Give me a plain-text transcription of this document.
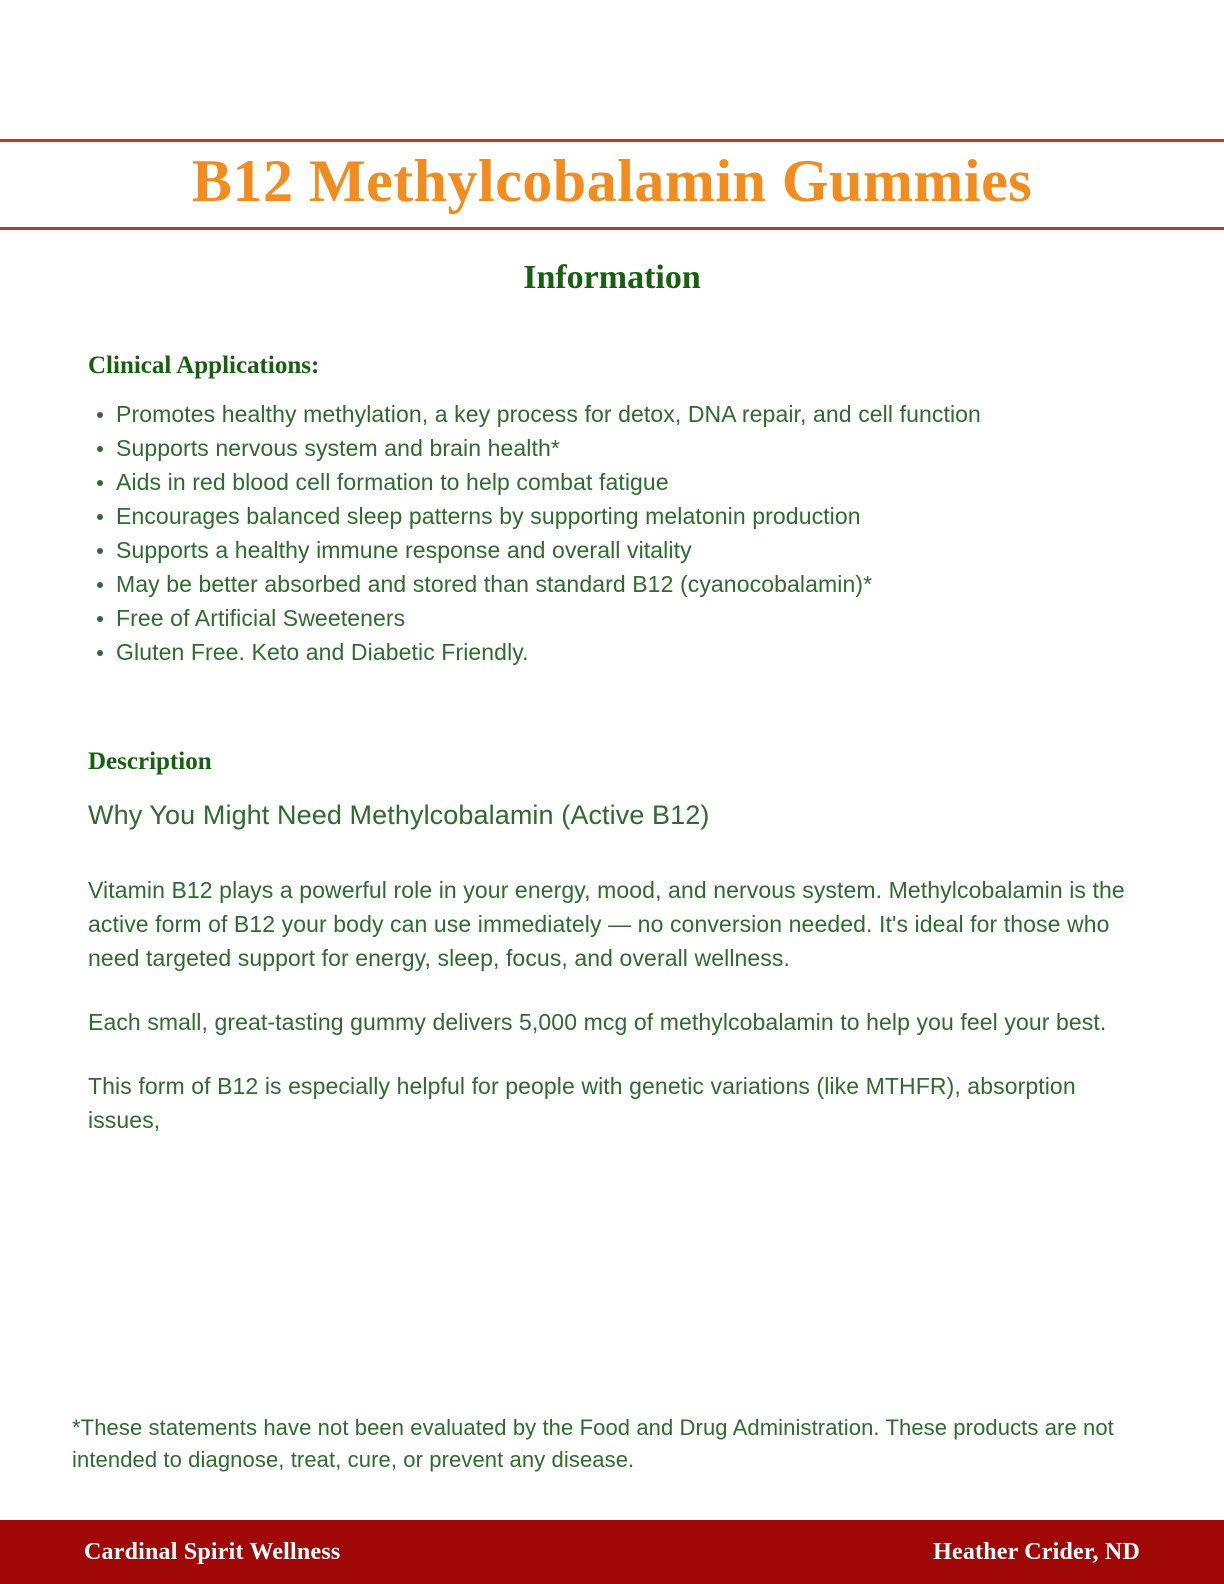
B12 Methylcobalamin Gummies
Information
Clinical Applications:
Promotes healthy methylation, a key process for detox, DNA repair, and cell function
Supports nervous system and brain health*
Aids in red blood cell formation to help combat fatigue
Encourages balanced sleep patterns by supporting melatonin production
Supports a healthy immune response and overall vitality
May be better absorbed and stored than standard B12 (cyanocobalamin)*
Free of Artificial Sweeteners
Gluten Free. Keto and Diabetic Friendly.
Description

Why You Might Need Methylcobalamin (Active B12)

Vitamin B12 plays a powerful role in your energy, mood, and nervous system. Methylcobalamin is the active form of B12 your body can use immediately — no conversion needed. It's ideal for those who need targeted support for energy, sleep, focus, and overall wellness.

Each small, great-tasting gummy delivers 5,000 mcg of methylcobalamin to help you feel your best.

This form of B12 is especially helpful for people with genetic variations (like MTHFR), absorption issues,

*These statements have not been evaluated by the Food and Drug Administration. These products are not intended to diagnose, treat, cure, or prevent any disease.

Cardinal Spirit Wellness	Heather Crider, ND
